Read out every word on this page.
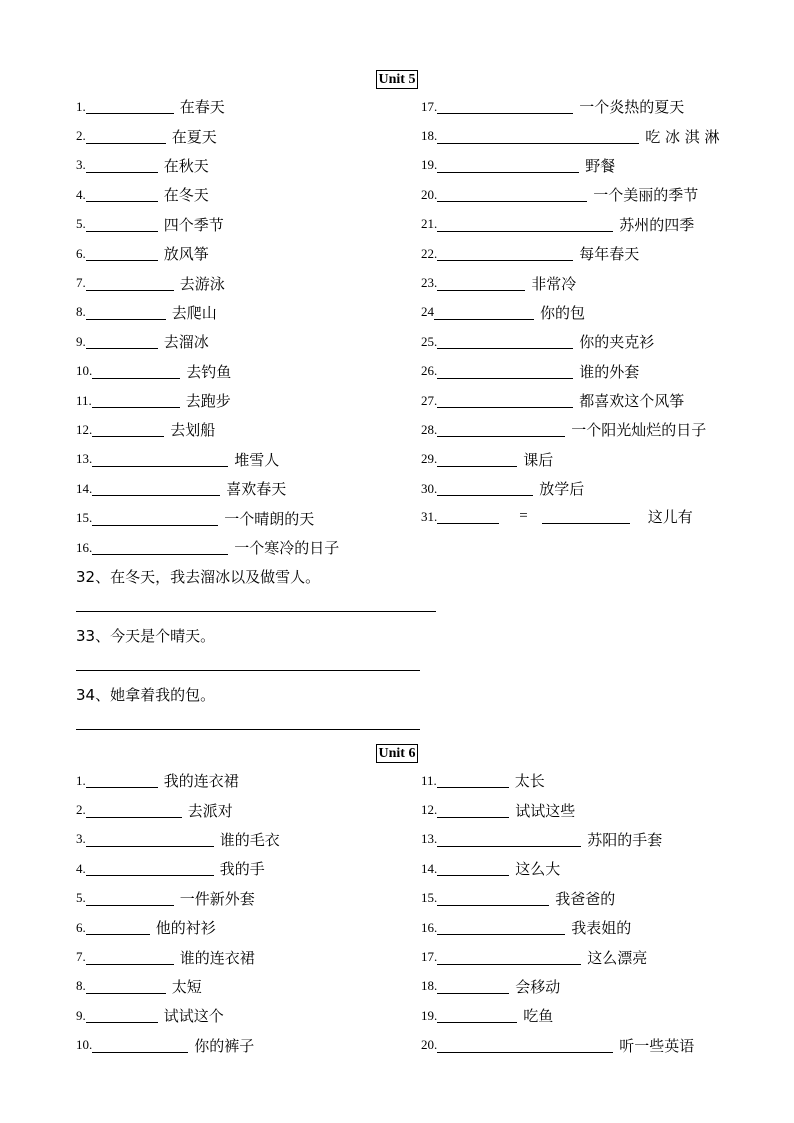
Unit 5
1.	在春天
2.	在夏天
3.	在秋天
4.	在冬天
5.	四个季节
6.	放风筝
7.	去游泳
8.	去爬山
9.	去溜冰
10.	去钓鱼
11.	去跑步
12.	去划船
13.	堆雪人
14.	喜欢春天
15.	一个晴朗的天
16.	一个寒冷的日子
17.	一个炎热的夏天
18.	吃 冰 淇 淋
19.	野餐
20.	一个美丽的季节
21.	苏州的四季
22.	每年春天
23.	非常冷
24	你的包
25.	你的夹克衫
26.	谁的外套
27.	都喜欢这个风筝
28.	一个阳光灿烂的日子
29.	课后
30.	放学后
31.	=	这儿有
32、在冬天，我去溜冰以及做雪人。
33、今天是个晴天。
34、她拿着我的包。
Unit 6
1.	我的连衣裙
2.	去派对
3.	谁的毛衣
4.	我的手
5.	一件新外套
6.	他的衬衫
7.	谁的连衣裙
8.	太短
9.	试试这个
10.	你的裤子
11.	太长
12.	试试这些
13.	苏阳的手套
14.	这么大
15.	我爸爸的
16.	我表姐的
17.	这么漂亮
18.	会移动
19.	吃鱼
20.	听一些英语
